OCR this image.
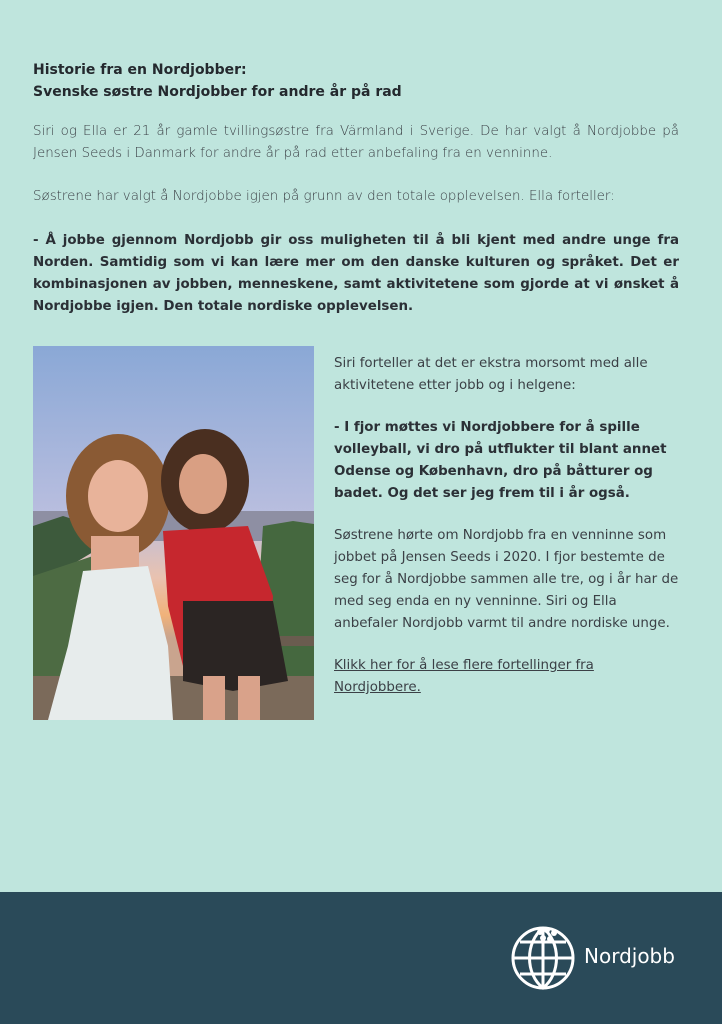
Historie fra en Nordjobber:
Svenske søstre Nordjobber for andre år på rad
Siri og Ella er 21 år gamle tvillingsøstre fra Värmland i Sverige. De har valgt å Nordjobbe på Jensen Seeds i Danmark for andre år på rad etter anbefaling fra en venninne.
Søstrene har valgt å Nordjobbe igjen på grunn av den totale opplevelsen. Ella forteller:
- Å jobbe gjennom Nordjobb gir oss muligheten til å bli kjent med andre unge fra Norden. Samtidig som vi kan lære mer om den danske kulturen og språket. Det er kombinasjonen av jobben, menneskene, samt aktivitetene som gjorde at vi ønsket å Nordjobbe igjen. Den totale nordiske opplevelsen.

Siri forteller at det er ekstra morsomt med alle aktivitetene etter jobb og i helgene:

- I fjor møttes vi Nordjobbere for å spille volleyball, vi dro på utflukter til blant annet Odense og København, dro på båtturer og badet. Og det ser jeg frem til i år også.

Søstrene hørte om Nordjobb fra en venninne som jobbet på Jensen Seeds i 2020. I fjor bestemte de seg for å Nordjobbe sammen alle tre, og i år har de med seg enda en ny venninne. Siri og Ella anbefaler Nordjobb varmt til andre nordiske unge.

Klikk her for å lese flere fortellinger fra Nordjobbere.

Nordjobb
